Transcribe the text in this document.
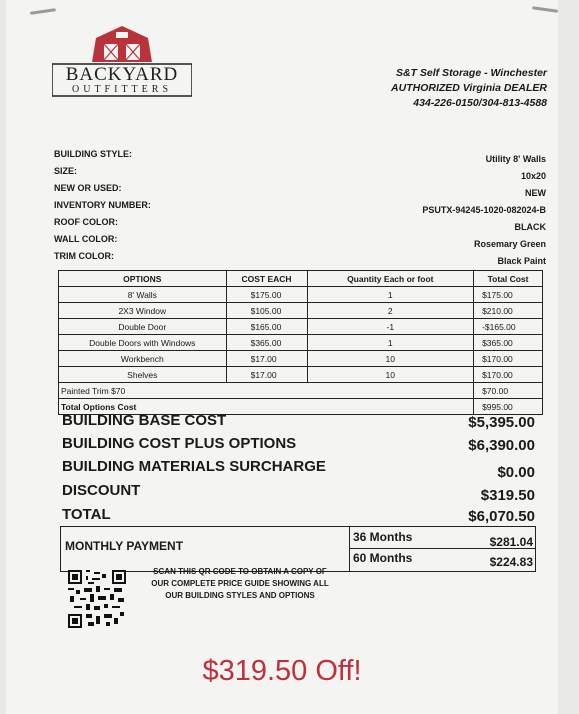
BACKYARD
OUTFITTERS
S&T Self Storage - Winchester
AUTHORIZED Virginia DEALER
434-226-0150/304-813-4588
BUILDING STYLE:	Utility 8' Walls
SIZE:	10x20
NEW OR USED:	NEW
INVENTORY NUMBER:	PSUTX-94245-1020-082024-B
ROOF COLOR:	BLACK
WALL COLOR:	Rosemary Green
TRIM COLOR:	Black Paint
OPTIONS	COST EACH	Quantity Each or foot	Total Cost
8' Walls	$175.00	1	$175.00
2X3 Window	$105.00	2	$210.00
Double Door	$165.00	-1	-$165.00
Double Doors with Windows	$365.00	1	$365.00
Workbench	$17.00	10	$170.00
Shelves	$17.00	10	$170.00
Painted Trim $70			$70.00
Total Options Cost			$995.00
BUILDING BASE COST	$5,395.00
BUILDING COST PLUS OPTIONS	$6,390.00
BUILDING MATERIALS SURCHARGE	$0.00
DISCOUNT	$319.50
TOTAL	$6,070.50
MONTHLY PAYMENT
36 Months	$281.04
60 Months	$224.83
SCAN THIS QR CODE TO OBTAIN A COPY OF
OUR COMPLETE PRICE GUIDE SHOWING ALL
OUR BUILDING STYLES AND OPTIONS
$319.50 Off!
